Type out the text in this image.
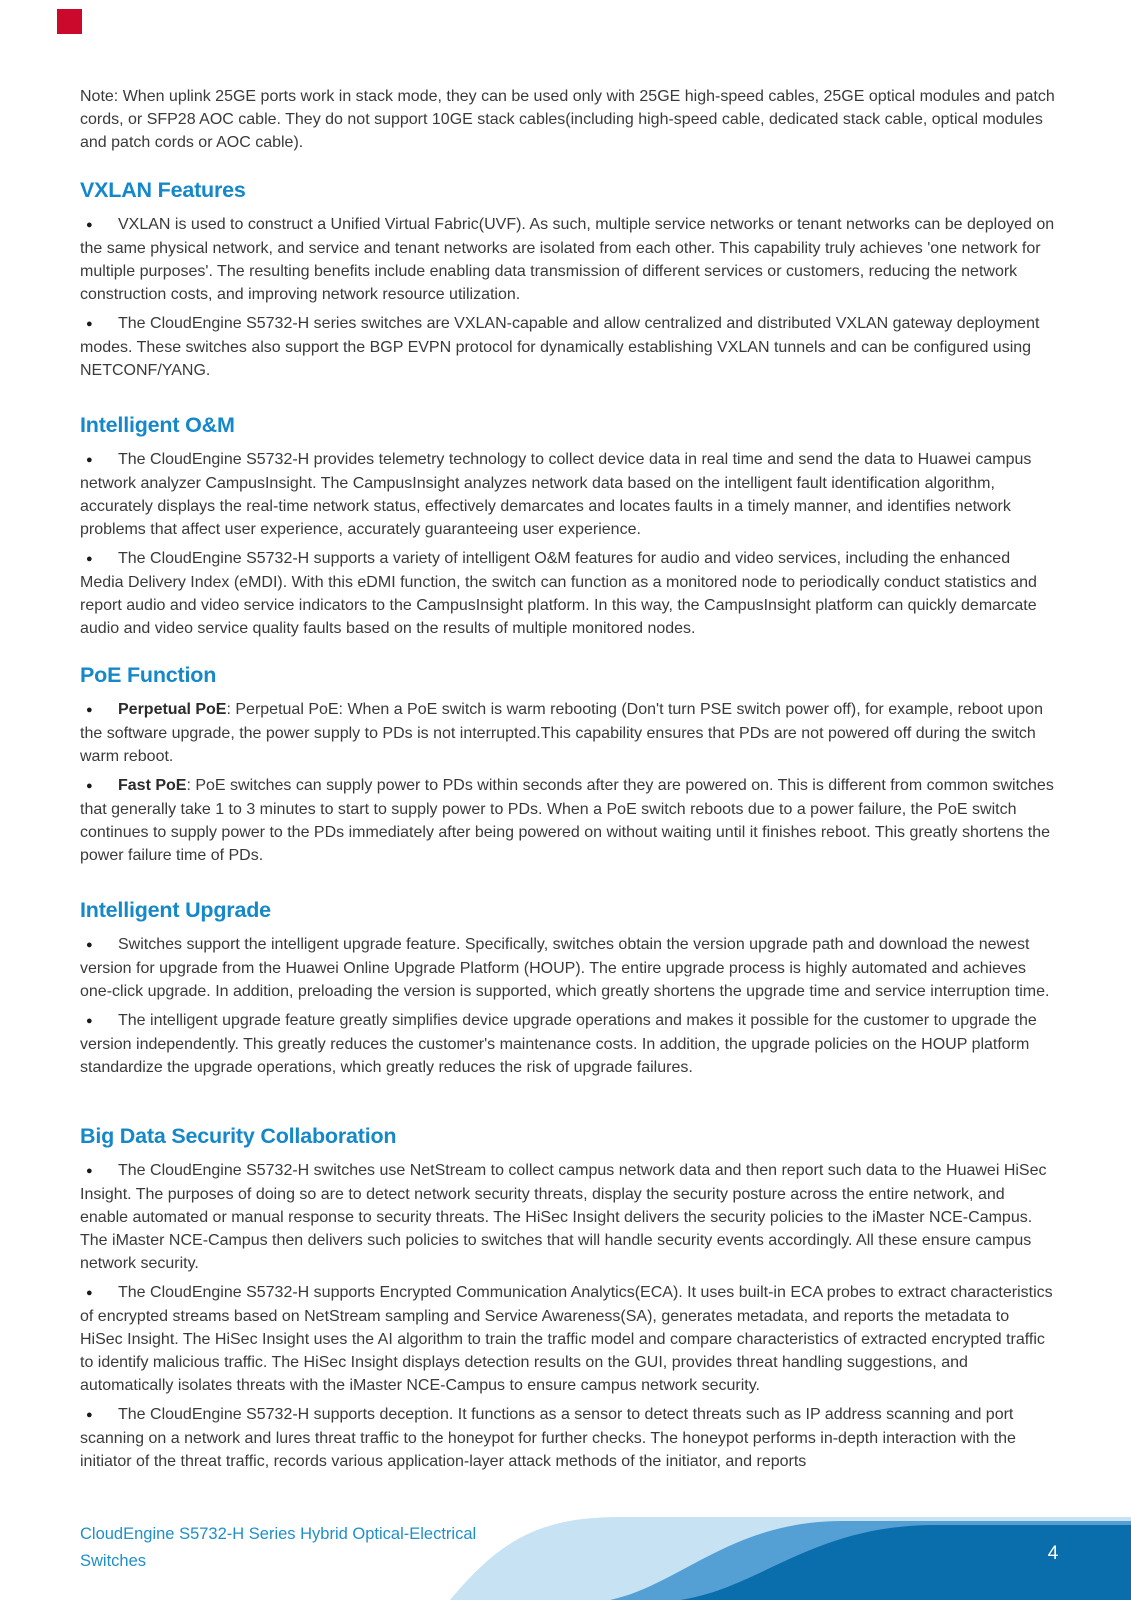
Note: When uplink 25GE ports work in stack mode, they can be used only with 25GE high-speed cables, 25GE optical modules and patch cords, or SFP28 AOC cable. They do not support 10GE stack cables(including high-speed cable, dedicated stack cable, optical modules and patch cords or AOC cable).

VXLAN Features

● VXLAN is used to construct a Unified Virtual Fabric(UVF). As such, multiple service networks or tenant networks can be deployed on the same physical network, and service and tenant networks are isolated from each other. This capability truly achieves 'one network for multiple purposes'. The resulting benefits include enabling data transmission of different services or customers, reducing the network construction costs, and improving network resource utilization.

● The CloudEngine S5732-H series switches are VXLAN-capable and allow centralized and distributed VXLAN gateway deployment modes. These switches also support the BGP EVPN protocol for dynamically establishing VXLAN tunnels and can be configured using NETCONF/YANG.

Intelligent O&M

● The CloudEngine S5732-H provides telemetry technology to collect device data in real time and send the data to Huawei campus network analyzer CampusInsight. The CampusInsight analyzes network data based on the intelligent fault identification algorithm, accurately displays the real-time network status, effectively demarcates and locates faults in a timely manner, and identifies network problems that affect user experience, accurately guaranteeing user experience.

● The CloudEngine S5732-H supports a variety of intelligent O&M features for audio and video services, including the enhanced Media Delivery Index (eMDI). With this eDMI function, the switch can function as a monitored node to periodically conduct statistics and report audio and video service indicators to the CampusInsight platform. In this way, the CampusInsight platform can quickly demarcate audio and video service quality faults based on the results of multiple monitored nodes.

PoE Function

● Perpetual PoE: Perpetual PoE: When a PoE switch is warm rebooting (Don't turn PSE switch power off), for example, reboot upon the software upgrade, the power supply to PDs is not interrupted.This capability ensures that PDs are not powered off during the switch warm reboot.

● Fast PoE: PoE switches can supply power to PDs within seconds after they are powered on. This is different from common switches that generally take 1 to 3 minutes to start to supply power to PDs. When a PoE switch reboots due to a power failure, the PoE switch continues to supply power to the PDs immediately after being powered on without waiting until it finishes reboot. This greatly shortens the power failure time of PDs.

Intelligent Upgrade

● Switches support the intelligent upgrade feature. Specifically, switches obtain the version upgrade path and download the newest version for upgrade from the Huawei Online Upgrade Platform (HOUP). The entire upgrade process is highly automated and achieves one-click upgrade. In addition, preloading the version is supported, which greatly shortens the upgrade time and service interruption time.

● The intelligent upgrade feature greatly simplifies device upgrade operations and makes it possible for the customer to upgrade the version independently. This greatly reduces the customer's maintenance costs. In addition, the upgrade policies on the HOUP platform standardize the upgrade operations, which greatly reduces the risk of upgrade failures.

Big Data Security Collaboration

● The CloudEngine S5732-H switches use NetStream to collect campus network data and then report such data to the Huawei HiSec Insight. The purposes of doing so are to detect network security threats, display the security posture across the entire network, and enable automated or manual response to security threats. The HiSec Insight delivers the security policies to the iMaster NCE-Campus. The iMaster NCE-Campus then delivers such policies to switches that will handle security events accordingly. All these ensure campus network security.

● The CloudEngine S5732-H supports Encrypted Communication Analytics(ECA). It uses built-in ECA probes to extract characteristics of encrypted streams based on NetStream sampling and Service Awareness(SA), generates metadata, and reports the metadata to HiSec Insight. The HiSec Insight uses the AI algorithm to train the traffic model and compare characteristics of extracted encrypted traffic to identify malicious traffic. The HiSec Insight displays detection results on the GUI, provides threat handling suggestions, and automatically isolates threats with the iMaster NCE-Campus to ensure campus network security.

● The CloudEngine S5732-H supports deception. It functions as a sensor to detect threats such as IP address scanning and port scanning on a network and lures threat traffic to the honeypot for further checks. The honeypot performs in-depth interaction with the initiator of the threat traffic, records various application-layer attack methods of the initiator, and reports

CloudEngine S5732-H Series Hybrid Optical-Electrical
Switches	4
